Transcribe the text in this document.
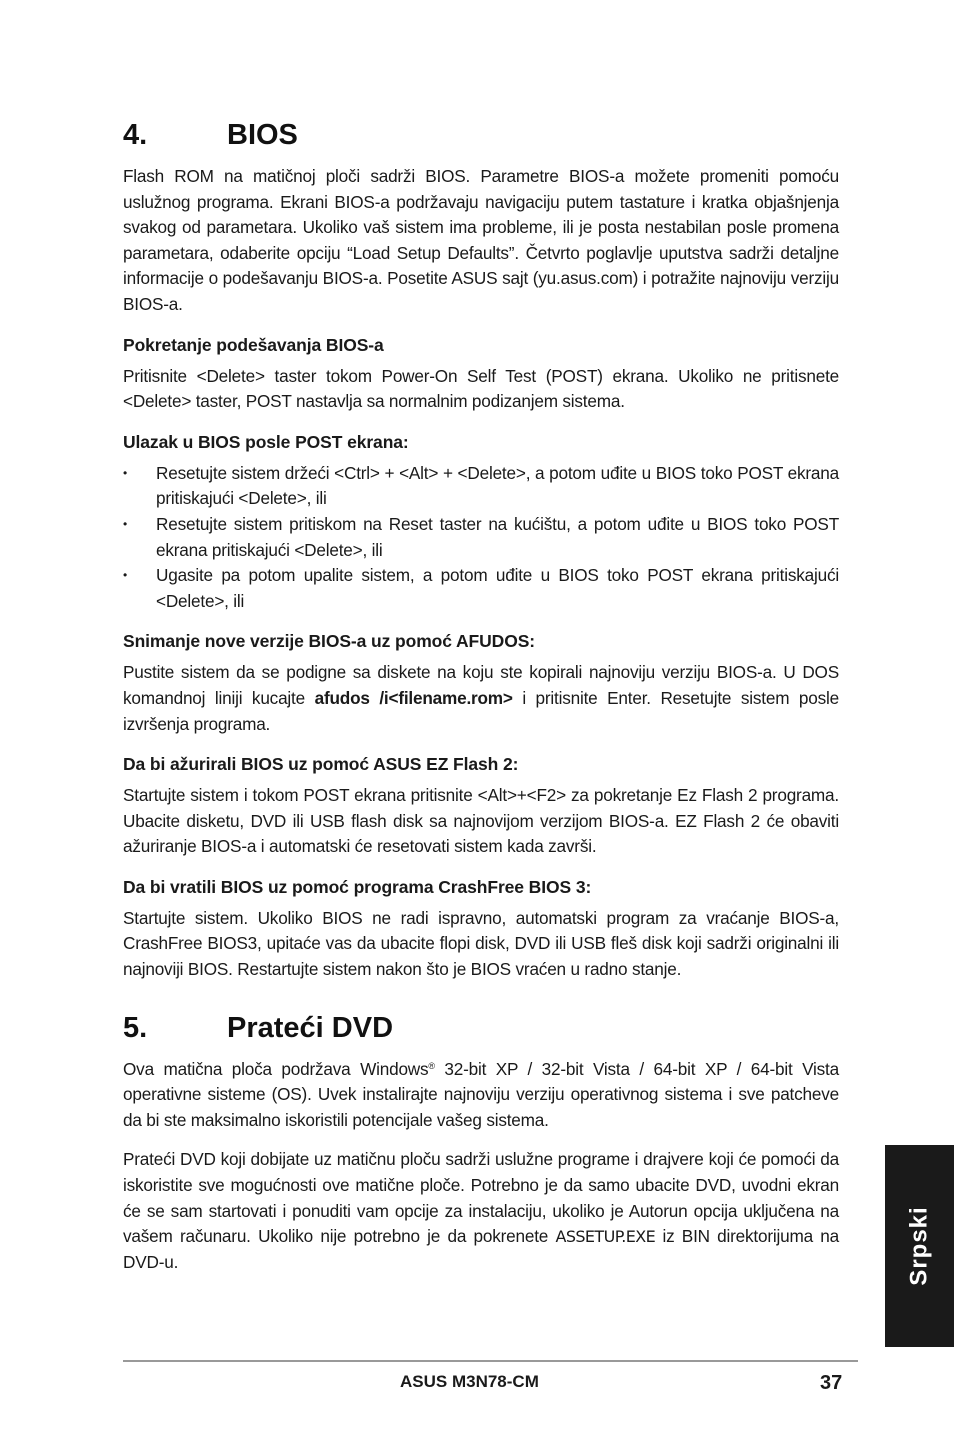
4.	BIOS

Flash ROM na matičnoj ploči sadrži BIOS. Parametre BIOS-a možete promeniti pomoću uslužnog programa. Ekrani BIOS-a podržavaju navigaciju putem tastature i kratka objašnjenja svakog od parametara. Ukoliko vaš sistem ima probleme, ili je posta nestabilan posle promena parametara, odaberite opciju “Load Setup Defaults”. Četvrto poglavlje uputstva sadrži detaljne informacije o podešavanju BIOS-a. Posetite ASUS sajt (yu.asus.com) i potražite najnoviju verziju BIOS-a.

Pokretanje podešavanja BIOS-a

Pritisnite <Delete> taster tokom Power-On Self Test (POST) ekrana. Ukoliko ne pritisnete <Delete> taster, POST nastavlja sa normalnim podizanjem sistema.

Ulazak u BIOS posle POST ekrana:
• Resetujte sistem držeći <Ctrl> + <Alt> + <Delete>, a potom uđite u BIOS toko POST ekrana pritiskajući <Delete>, ili
• Resetujte sistem pritiskom na Reset taster na kućištu, a potom uđite u BIOS toko POST ekrana pritiskajući <Delete>, ili
• Ugasite pa potom upalite sistem, a potom uđite u BIOS toko POST ekrana pritiskajući <Delete>, ili
Snimanje nove verzije BIOS-a uz pomoć AFUDOS:

Pustite sistem da se podigne sa diskete na koju ste kopirali najnoviju verziju BIOS-a. U DOS komandnoj liniji kucajte afudos /i<filename.rom> i pritisnite Enter. Resetujte sistem posle izvršenja programa.

Da bi ažurirali BIOS uz pomoć ASUS EZ Flash 2:

Startujte sistem i tokom POST ekrana pritisnite <Alt>+<F2> za pokretanje Ez Flash 2 programa. Ubacite disketu, DVD ili USB flash disk sa najnovijom verzijom BIOS-a. EZ Flash 2 će obaviti ažuriranje BIOS-a i automatski će resetovati sistem kada završi.

Da bi vratili BIOS uz pomoć programa CrashFree BIOS 3:

Startujte sistem. Ukoliko BIOS ne radi ispravno, automatski program za vraćanje BIOS-a, CrashFree BIOS3, upitaće vas da ubacite flopi disk, DVD ili USB fleš disk koji sadrži originalni ili najnoviji BIOS. Restartujte sistem nakon što je BIOS vraćen u radno stanje.

5.	Prateći DVD

Ova matična ploča podržava Windows® 32-bit XP / 32-bit Vista / 64-bit XP / 64-bit Vista operativne sisteme (OS). Uvek instalirajte najnoviju verziju operativnog sistema i sve patcheve da bi ste maksimalno iskoristili potencijale vašeg sistema.

Prateći DVD koji dobijate uz matičnu ploču sadrži uslužne programe i drajvere koji će pomoći da iskoristite sve mogućnosti ove matične ploče. Potrebno je da samo ubacite DVD, uvodni ekran će se sam startovati i ponuditi vam opcije za instalaciju, ukoliko je Autorun opcija uključena na vašem računaru. Ukoliko nije potrebno je da pokrenete ASSETUP.EXE iz BIN direktorijuma na DVD-u.	Srpski
ASUS M3N78-CM	37
